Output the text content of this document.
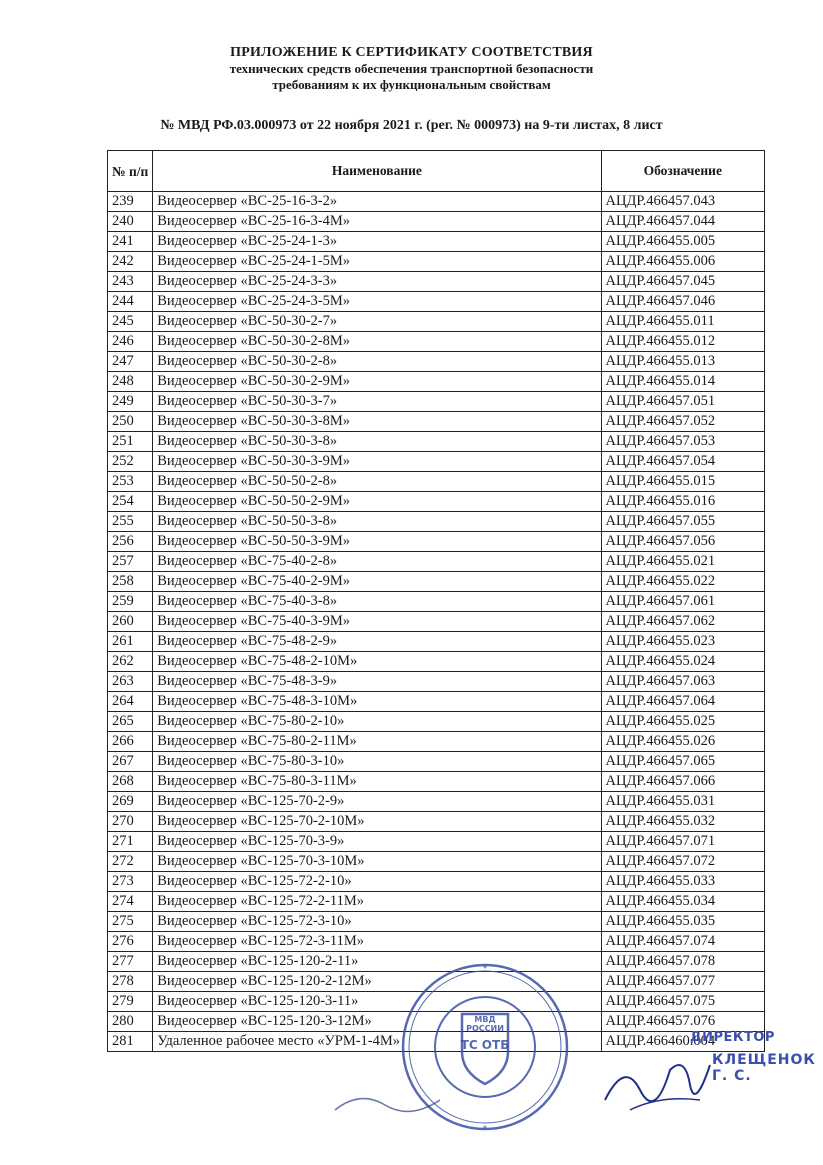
ПРИЛОЖЕНИЕ К СЕРТИФИКАТУ СООТВЕТСТВИЯ
технических средств обеспечения транспортной безопасности
требованиям к их функциональным свойствам
№ МВД РФ.03.000973 от 22 ноября 2021 г. (рег. № 000973) на 9-ти листах, 8 лист
№ п/п	Наименование	Обозначение
239	Видеосервер «ВС-25-16-3-2»	АЦДР.466457.043
240	Видеосервер «ВС-25-16-3-4М»	АЦДР.466457.044
241	Видеосервер «ВС-25-24-1-3»	АЦДР.466455.005
242	Видеосервер «ВС-25-24-1-5М»	АЦДР.466455.006
243	Видеосервер «ВС-25-24-3-3»	АЦДР.466457.045
244	Видеосервер «ВС-25-24-3-5М»	АЦДР.466457.046
245	Видеосервер «ВС-50-30-2-7»	АЦДР.466455.011
246	Видеосервер «ВС-50-30-2-8М»	АЦДР.466455.012
247	Видеосервер «ВС-50-30-2-8»	АЦДР.466455.013
248	Видеосервер «ВС-50-30-2-9М»	АЦДР.466455.014
249	Видеосервер «ВС-50-30-3-7»	АЦДР.466457.051
250	Видеосервер «ВС-50-30-3-8М»	АЦДР.466457.052
251	Видеосервер «ВС-50-30-3-8»	АЦДР.466457.053
252	Видеосервер «ВС-50-30-3-9М»	АЦДР.466457.054
253	Видеосервер «ВС-50-50-2-8»	АЦДР.466455.015
254	Видеосервер «ВС-50-50-2-9М»	АЦДР.466455.016
255	Видеосервер «ВС-50-50-3-8»	АЦДР.466457.055
256	Видеосервер «ВС-50-50-3-9М»	АЦДР.466457.056
257	Видеосервер «ВС-75-40-2-8»	АЦДР.466455.021
258	Видеосервер «ВС-75-40-2-9М»	АЦДР.466455.022
259	Видеосервер «ВС-75-40-3-8»	АЦДР.466457.061
260	Видеосервер «ВС-75-40-3-9М»	АЦДР.466457.062
261	Видеосервер «ВС-75-48-2-9»	АЦДР.466455.023
262	Видеосервер «ВС-75-48-2-10М»	АЦДР.466455.024
263	Видеосервер «ВС-75-48-3-9»	АЦДР.466457.063
264	Видеосервер «ВС-75-48-3-10М»	АЦДР.466457.064
265	Видеосервер «ВС-75-80-2-10»	АЦДР.466455.025
266	Видеосервер «ВС-75-80-2-11М»	АЦДР.466455.026
267	Видеосервер «ВС-75-80-3-10»	АЦДР.466457.065
268	Видеосервер «ВС-75-80-3-11М»	АЦДР.466457.066
269	Видеосервер «ВС-125-70-2-9»	АЦДР.466455.031
270	Видеосервер «ВС-125-70-2-10М»	АЦДР.466455.032
271	Видеосервер «ВС-125-70-3-9»	АЦДР.466457.071
272	Видеосервер «ВС-125-70-3-10М»	АЦДР.466457.072
273	Видеосервер «ВС-125-72-2-10»	АЦДР.466455.033
274	Видеосервер «ВС-125-72-2-11М»	АЦДР.466455.034
275	Видеосервер «ВС-125-72-3-10»	АЦДР.466455.035
276	Видеосервер «ВС-125-72-3-11М»	АЦДР.466457.074
277	Видеосервер «ВС-125-120-2-11»	АЦДР.466457.078
278	Видеосервер «ВС-125-120-2-12М»	АЦДР.466457.077
279	Видеосервер «ВС-125-120-3-11»	АЦДР.466457.075
280	Видеосервер «ВС-125-120-3-12М»	АЦДР.466457.076
281	Удаленное рабочее место «УРМ-1-4М»	АЦДР.466460.004
МВД РОССИИ
ТС ОТБ	ДИРЕКТОР
КЛЕЩЕНОК Г. С.
